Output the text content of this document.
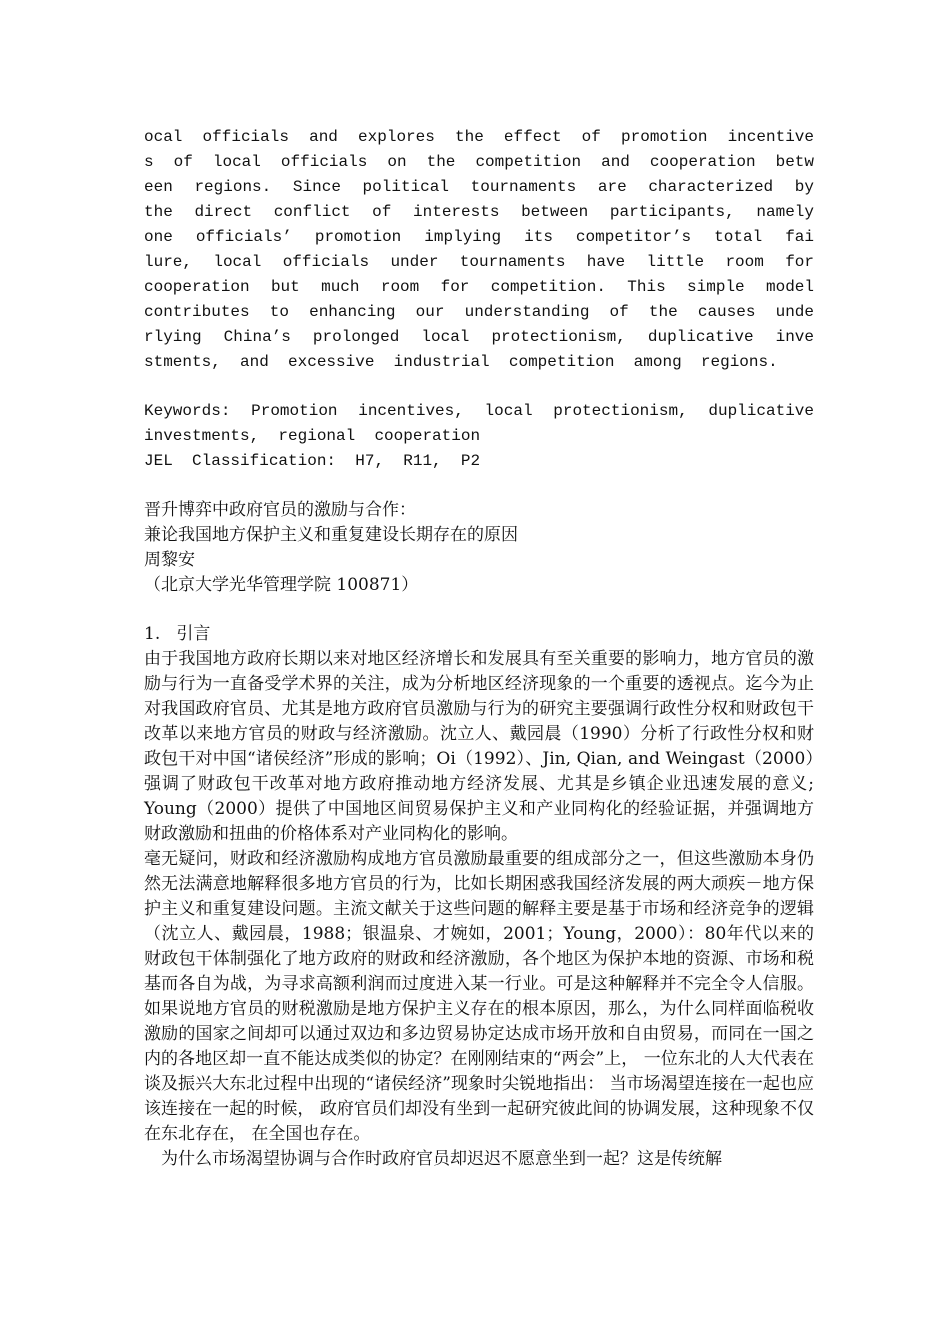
ocal  officials  and  explores  the  effect  of  promotion  incentive
s  of  local  officials  on  the  competition  and  cooperation  betw
een  regions.  Since  political  tournaments  are  characterized  by
the  direct  conflict  of  interests  between  participants,  namely
one  officials’  promotion  implying  its  competitor’s  total  fai
lure,  local  officials  under  tournaments  have  little  room  for
cooperation  but  much  room  for  competition.  This  simple  model
contributes  to  enhancing  our  understanding  of  the  causes  unde
rlying  China’s  prolonged  local  protectionism,  duplicative  inve
stments,  and  excessive  industrial  competition  among  regions.
Keywords:  Promotion  incentives,  local  protectionism,  duplicative
investments,  regional  cooperation
JEL  Classification:  H7,  R11,  P2
晋升博弈中政府官员的激励与合作：
兼论我国地方保护主义和重复建设长期存在的原因
周黎安
（北京大学光华管理学院 100871）
1.   引言

由于我国地方政府长期以来对地区经济增长和发展具有至关重要的影响力，地方官员的激励与行为一直备受学术界的关注，成为分析地区经济现象的一个重要的透视点。迄今为止对我国政府官员、尤其是地方政府官员激励与行为的研究主要强调行政性分权和财政包干改革以来地方官员的财政与经济激励。沈立人、戴园晨（1990）分析了行政性分权和财政包干对中国“诸侯经济”形成的影响；Oi（1992）、Jin, Qian, and Weingast（2000）强调了财政包干改革对地方政府推动地方经济发展、尤其是乡镇企业迅速发展的意义; Young（2000）提供了中国地区间贸易保护主义和产业同构化的经验证据，并强调地方财政激励和扭曲的价格体系对产业同构化的影响。

毫无疑问，财政和经济激励构成地方官员激励最重要的组成部分之一，但这些激励本身仍然无法满意地解释很多地方官员的行为，比如长期困惑我国经济发展的两大顽疾－地方保护主义和重复建设问题。主流文献关于这些问题的解释主要是基于市场和经济竞争的逻辑（沈立人、戴园晨，1988；银温泉、才婉如，2001；Young，2000）：80年代以来的财政包干体制强化了地方政府的财政和经济激励，各个地区为保护本地的资源、市场和税基而各自为战，为寻求高额利润而过度进入某一行业。可是这种解释并不完全令人信服。如果说地方官员的财税激励是地方保护主义存在的根本原因，那么，为什么同样面临税收激励的国家之间却可以通过双边和多边贸易协定达成市场开放和自由贸易，而同在一国之内的各地区却一直不能达成类似的协定？在刚刚结束的“两会”上， 一位东北的人大代表在谈及振兴大东北过程中出现的“诸侯经济”现象时尖锐地指出： 当市场渴望连接在一起也应该连接在一起的时候， 政府官员们却没有坐到一起研究彼此间的协调发展，这种现象不仅在东北存在， 在全国也存在。

为什么市场渴望协调与合作时政府官员却迟迟不愿意坐到一起？这是传统解
